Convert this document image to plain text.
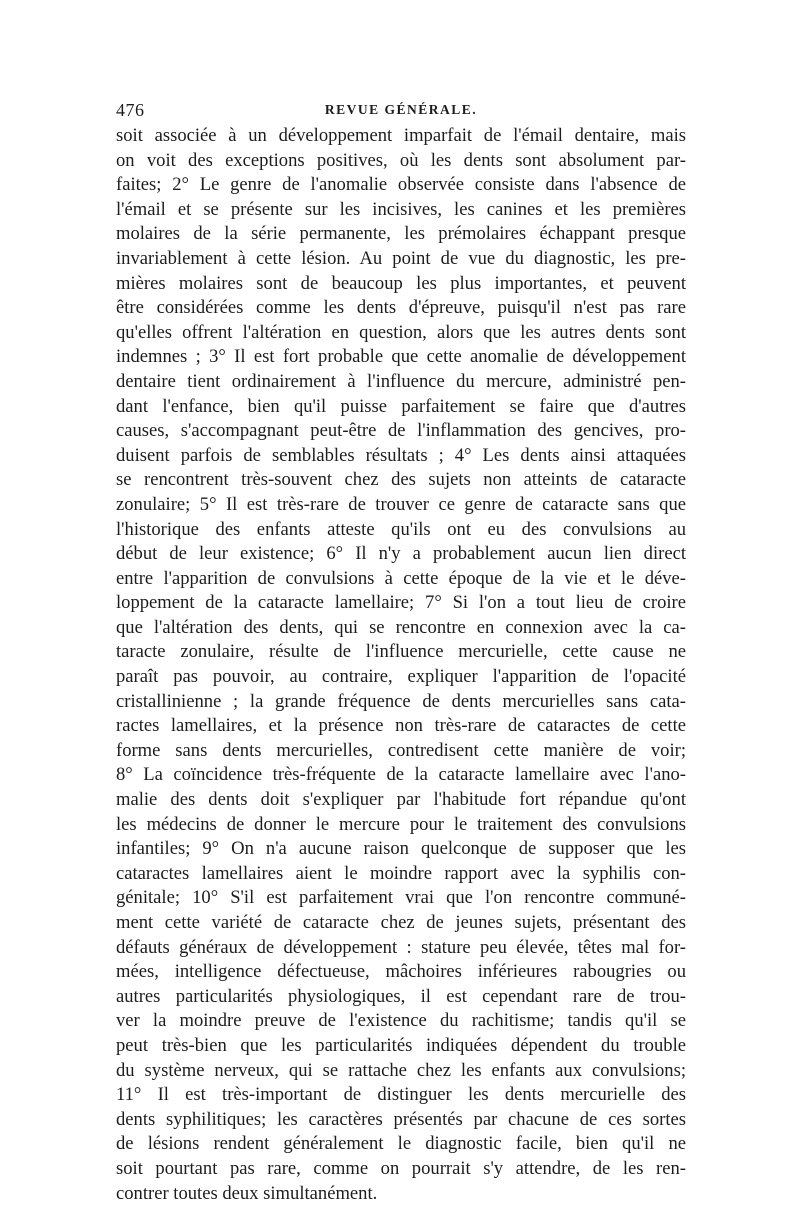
476	REVUE GÉNÉRALE.
soit associée à un développement imparfait de l'émail dentaire, mais
on voit des exceptions positives, où les dents sont absolument par-
faites; 2° Le genre de l'anomalie observée consiste dans l'absence de
l'émail et se présente sur les incisives, les canines et les premières
molaires de la série permanente, les prémolaires échappant presque
invariablement à cette lésion. Au point de vue du diagnostic, les pre-
mières molaires sont de beaucoup les plus importantes, et peuvent
être considérées comme les dents d'épreuve, puisqu'il n'est pas rare
qu'elles offrent l'altération en question, alors que les autres dents sont
indemnes ; 3° Il est fort probable que cette anomalie de développement
dentaire tient ordinairement à l'influence du mercure, administré pen-
dant l'enfance, bien qu'il puisse parfaitement se faire que d'autres
causes, s'accompagnant peut-être de l'inflammation des gencives, pro-
duisent parfois de semblables résultats ; 4° Les dents ainsi attaquées
se rencontrent très-souvent chez des sujets non atteints de cataracte
zonulaire; 5° Il est très-rare de trouver ce genre de cataracte sans que
l'historique des enfants atteste qu'ils ont eu des convulsions au
début de leur existence; 6° Il n'y a probablement aucun lien direct
entre l'apparition de convulsions à cette époque de la vie et le déve-
loppement de la cataracte lamellaire; 7° Si l'on a tout lieu de croire
que l'altération des dents, qui se rencontre en connexion avec la ca-
taracte zonulaire, résulte de l'influence mercurielle, cette cause ne
paraît pas pouvoir, au contraire, expliquer l'apparition de l'opacité
cristallinienne ; la grande fréquence de dents mercurielles sans cata-
ractes lamellaires, et la présence non très-rare de cataractes de cette
forme sans dents mercurielles, contredisent cette manière de voir;
8° La coïncidence très-fréquente de la cataracte lamellaire avec l'ano-
malie des dents doit s'expliquer par l'habitude fort répandue qu'ont
les médecins de donner le mercure pour le traitement des convulsions
infantiles; 9° On n'a aucune raison quelconque de supposer que les
cataractes lamellaires aient le moindre rapport avec la syphilis con-
génitale; 10° S'il est parfaitement vrai que l'on rencontre communé-
ment cette variété de cataracte chez de jeunes sujets, présentant des
défauts généraux de développement : stature peu élevée, têtes mal for-
mées, intelligence défectueuse, mâchoires inférieures rabougries ou
autres particularités physiologiques, il est cependant rare de trou-
ver la moindre preuve de l'existence du rachitisme; tandis qu'il se
peut très-bien que les particularités indiquées dépendent du trouble
du système nerveux, qui se rattache chez les enfants aux convulsions;
11° Il est très-important de distinguer les dents mercurielle des
dents syphilitiques; les caractères présentés par chacune de ces sortes
de lésions rendent généralement le diagnostic facile, bien qu'il ne
soit pourtant pas rare, comme on pourrait s'y attendre, de les ren-
contrer toutes deux simultanément.
